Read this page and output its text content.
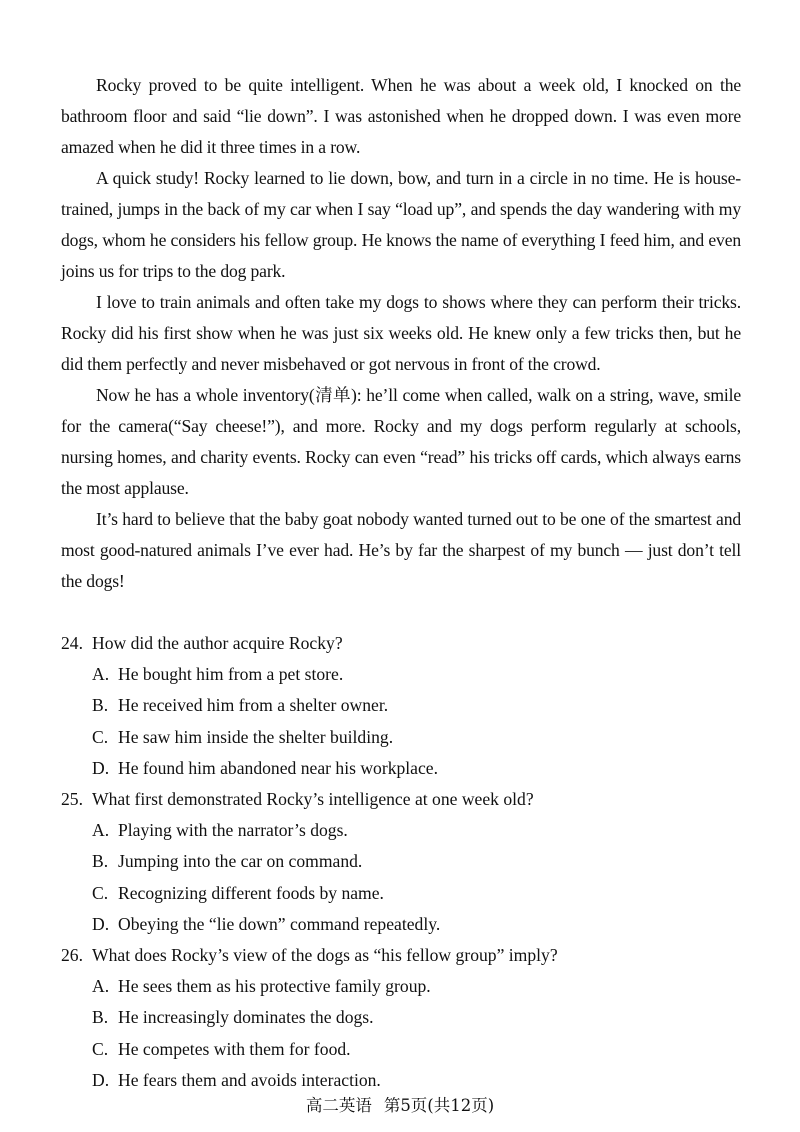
Rocky proved to be quite intelligent. When he was about a week old, I knocked on the bathroom floor and said “lie down”. I was astonished when he dropped down. I was even more amazed when he did it three times in a row.

A quick study! Rocky learned to lie down, bow, and turn in a circle in no time. He is house-trained, jumps in the back of my car when I say “load up”, and spends the day wandering with my dogs, whom he considers his fellow group. He knows the name of everything I feed him, and even joins us for trips to the dog park.

I love to train animals and often take my dogs to shows where they can perform their tricks. Rocky did his first show when he was just six weeks old. He knew only a few tricks then, but he did them perfectly and never misbehaved or got nervous in front of the crowd.

Now he has a whole inventory(清单): he’ll come when called, walk on a string, wave, smile for the camera(“Say cheese!”), and more. Rocky and my dogs perform regularly at schools, nursing homes, and charity events. Rocky can even “read” his tricks off cards, which always earns the most applause.

It’s hard to believe that the baby goat nobody wanted turned out to be one of the smartest and most good-natured animals I’ve ever had. He’s by far the sharpest of my bunch — just don’t tell the dogs!

24. How did the author acquire Rocky?
A. He bought him from a pet store.
B. He received him from a shelter owner.
C. He saw him inside the shelter building.
D. He found him abandoned near his workplace.
25. What first demonstrated Rocky’s intelligence at one week old?
A. Playing with the narrator’s dogs.
B. Jumping into the car on command.
C. Recognizing different foods by name.
D. Obeying the “lie down” command repeatedly.
26. What does Rocky’s view of the dogs as “his fellow group” imply?
A. He sees them as his protective family group.
B. He increasingly dominates the dogs.
C. He competes with them for food.
D. He fears them and avoids interaction.
高二英语 第5页(共12页)
